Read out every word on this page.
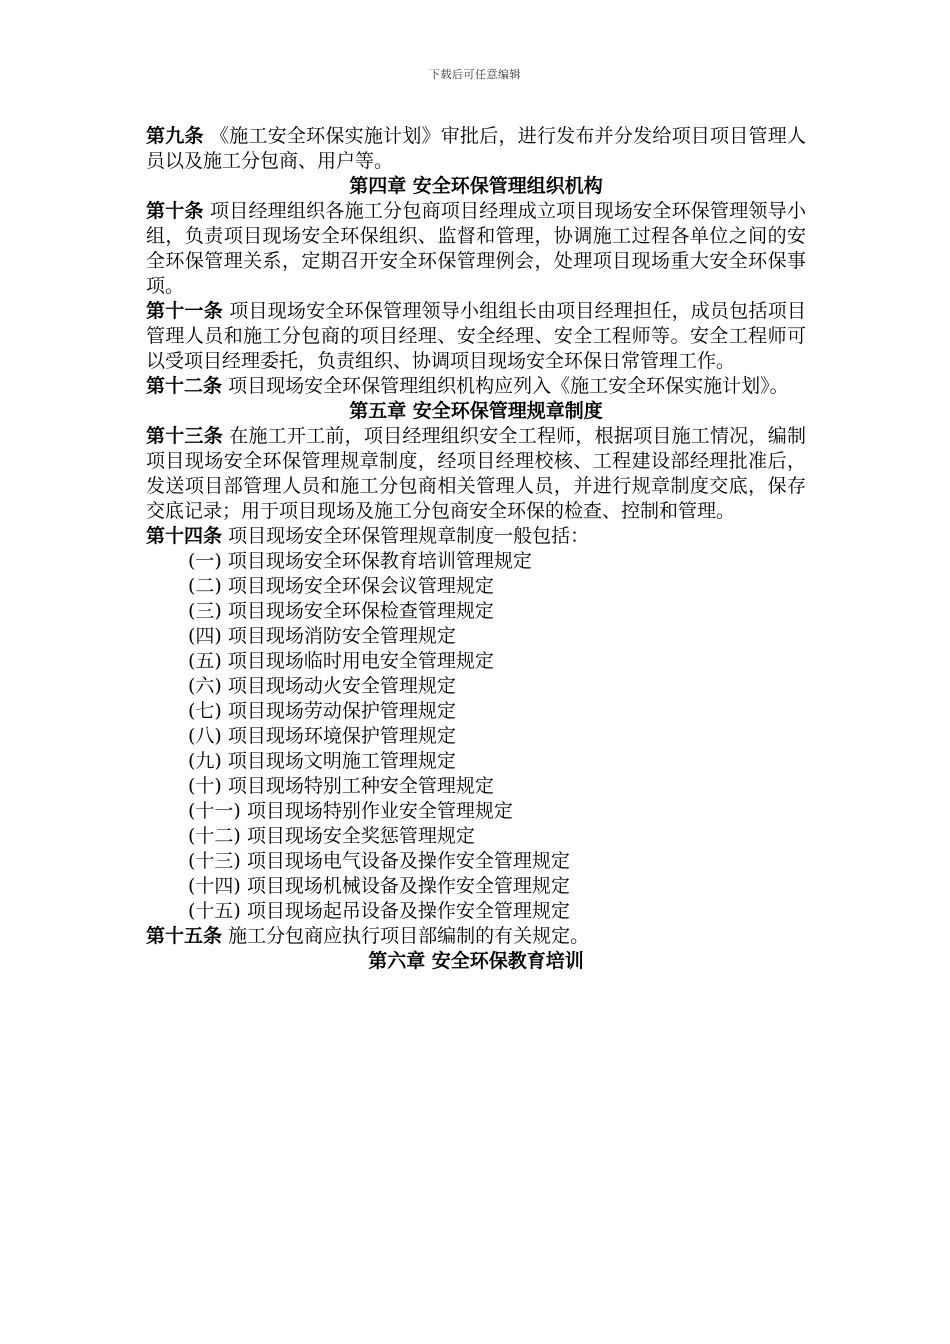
下载后可任意编辑

第九条 《施工安全环保实施计划》审批后，进行发布并分发给项目项目管理人员以及施工分包商、用户等。

第四章 安全环保管理组织机构

第十条 项目经理组织各施工分包商项目经理成立项目现场安全环保管理领导小组，负责项目现场安全环保组织、监督和管理，协调施工过程各单位之间的安全环保管理关系，定期召开安全环保管理例会，处理项目现场重大安全环保事项。

第十一条 项目现场安全环保管理领导小组组长由项目经理担任，成员包括项目管理人员和施工分包商的项目经理、安全经理、安全工程师等。安全工程师可以受项目经理委托，负责组织、协调项目现场安全环保日常管理工作。

第十二条 项目现场安全环保管理组织机构应列入《施工安全环保实施计划》。

第五章 安全环保管理规章制度

第十三条 在施工开工前，项目经理组织安全工程师，根据项目施工情况，编制项目现场安全环保管理规章制度，经项目经理校核、工程建设部经理批准后，发送项目部管理人员和施工分包商相关管理人员，并进行规章制度交底，保存交底记录；用于项目现场及施工分包商安全环保的检查、控制和管理。

第十四条 项目现场安全环保管理规章制度一般包括：

(一) 项目现场安全环保教育培训管理规定
(二) 项目现场安全环保会议管理规定
(三) 项目现场安全环保检查管理规定
(四) 项目现场消防安全管理规定
(五) 项目现场临时用电安全管理规定
(六) 项目现场动火安全管理规定
(七) 项目现场劳动保护管理规定
(八) 项目现场环境保护管理规定
(九) 项目现场文明施工管理规定
(十) 项目现场特别工种安全管理规定
(十一) 项目现场特别作业安全管理规定
(十二) 项目现场安全奖惩管理规定
(十三) 项目现场电气设备及操作安全管理规定
(十四) 项目现场机械设备及操作安全管理规定
(十五) 项目现场起吊设备及操作安全管理规定

第十五条 施工分包商应执行项目部编制的有关规定。

第六章 安全环保教育培训
